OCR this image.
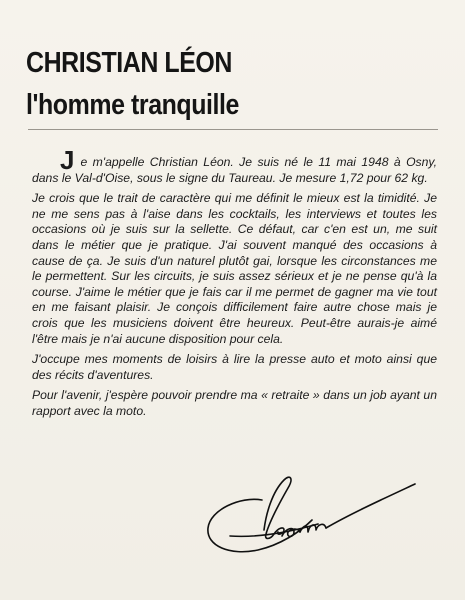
CHRISTIAN LÉON
l'homme tranquille

Je m'appelle Christian Léon. Je suis né le 11 mai 1948 à Osny, dans le Val-d'Oise, sous le signe du Taureau. Je mesure 1,72 pour 62 kg.

Je crois que le trait de caractère qui me définit le mieux est la timidité. Je ne me sens pas à l'aise dans les cocktails, les interviews et toutes les occasions où je suis sur la sellette. Ce défaut, car c'en est un, me suit dans le métier que je pratique. J'ai souvent manqué des occasions à cause de ça. Je suis d'un naturel plutôt gai, lorsque les circonstances me le permettent. Sur les circuits, je suis assez sérieux et je ne pense qu'à la course. J'aime le métier que je fais car il me permet de gagner ma vie tout en me faisant plaisir. Je conçois difficilement faire autre chose mais je crois que les musiciens doivent être heureux. Peut-être aurais-je aimé l'être mais je n'ai aucune disposition pour cela.

J'occupe mes moments de loisirs à lire la presse auto et moto ainsi que des récits d'aventures.

Pour l'avenir, j'espère pouvoir prendre ma « retraite » dans un job ayant un rapport avec la moto.
